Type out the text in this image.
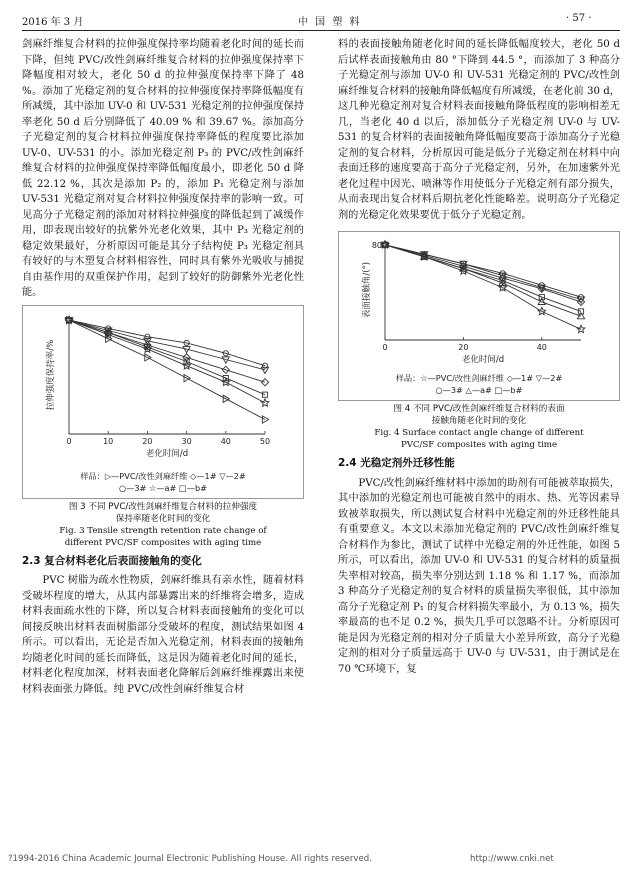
2016 年 3 月	中 国 塑 料	· 57 ·

剑麻纤维复合材料的拉伸强度保持率均随着老化时间的延长而下降，但纯 PVC/改性剑麻纤维复合材料的拉伸强度保持率下降幅度相对较大，老化 50 d 的拉伸强度保持率下降了 48 %。添加了光稳定剂的复合材料的拉伸强度保持率降低幅度有所减缓，其中添加 UV-0 和 UV-531 光稳定剂的拉伸强度保持率老化 50 d 后分别降低了 40.09 % 和 39.67 %。添加高分子光稳定剂的复合材料拉伸强度保持率降低的程度要比添加 UV-0、UV-531 的小。添加光稳定剂 P₃ 的 PVC/改性剑麻纤维复合材料的拉伸强度保持率降低幅度最小，即老化 50 d 降低 22.12 %，其次是添加 P₂ 的，添加 P₁ 光稳定剂与添加 UV-531 光稳定剂对复合材料拉伸强度保持率的影响一致。可见高分子光稳定剂的添加对材料拉伸强度的降低起到了减缓作用，即表现出较好的抗紫外光老化效果，其中 P₃ 光稳定剂的稳定效果最好，分析原因可能是其分子结构使 P₃ 光稳定剂具有较好的与木塑复合材料相容性，同时具有紫外光吸收与捕捉自由基作用的双重保护作用，起到了较好的防御紫外光老化性能。

0	10	20	30	40	50
老化时间/d
拉伸强度保持率/%
样品：▷—PVC/改性剑麻纤维 ◇—1# ▽—2#
○—3# ☆—a# □—b#
图 3 不同 PVC/改性剑麻纤维复合材料的拉伸强度
保持率随老化时间的变化
Fig. 3 Tensile strength retention rate change of
different PVC/SF composites with aging time

2.3 复合材料老化后表面接触角的变化

PVC 树脂为疏水性物质，剑麻纤维具有亲水性，随着材料受破坏程度的增大，从其内部暴露出来的纤维将会增多，造成材料表面疏水性的下降，所以复合材料表面接触角的变化可以间接反映出材料表面树脂部分受破坏的程度，测试结果如图 4 所示。可以看出，无论是否加入光稳定剂，材料表面的接触角均随老化时间的延长而降低，这是因为随着老化时间的延长，材料老化程度加深，材料表面老化降解后剑麻纤维裸露出来使材料表面张力降低。纯 PVC/改性剑麻纤维复合材

料的表面接触角随老化时间的延长降低幅度较大，老化 50 d 后试样表面接触角由 80 °下降到 44.5 °，而添加了 3 种高分子光稳定剂与添加 UV-0 和 UV-531 光稳定剂的 PVC/改性剑麻纤维复合材料的接触角降低幅度有所减缓，在老化前 30 d，这几种光稳定剂对复合材料表面接触角降低程度的影响相差无几，当老化 40 d 以后，添加低分子光稳定剂 UV-0 与 UV-531 的复合材料的表面接触角降低幅度要高于添加高分子光稳定剂的复合材料，分析原因可能是低分子光稳定剂在材料中向表面迁移的速度要高于高分子光稳定剂，另外，在加速紫外光老化过程中因光、喷淋等作用使低分子光稳定剂有部分损失，从而表现出复合材料后期抗老化性能略差。说明高分子光稳定剂的光稳定化效果要优于低分子光稳定剂。

0	20	40
80
老化时间/d
表面接触角/(°)
样品：☆—PVC/改性剑麻纤维 ◇—1# ▽—2#
○—3# △—a# □—b#
图 4 不同 PVC/改性剑麻纤维复合材料的表面
接触角随老化时间的变化
Fig. 4 Surface contact angle change of different
PVC/SF composites with aging time

2.4 光稳定剂外迁移性能

PVC/改性剑麻纤维材料中添加的助剂有可能被萃取损失，其中添加的光稳定剂也可能被自然中的雨水、热、光等因素导致被萃取损失，所以测试复合材料中光稳定剂的外迁移性能具有重要意义。本文以未添加光稳定剂的 PVC/改性剑麻纤维复合材料作为参比，测试了试样中光稳定剂的外迁性能，如图 5 所示，可以看出，添加 UV-0 和 UV-531 的复合材料的质量损失率相对较高，损失率分别达到 1.18 % 和 1.17 %，而添加 3 种高分子光稳定剂的复合材料的质量损失率很低，其中添加高分子光稳定剂 P₁ 的复合材料损失率最小，为 0.13 %，损失率最高的也不足 0.2 %，损失几乎可以忽略不计。分析原因可能是因为光稳定剂的相对分子质量大小差异所致，高分子光稳定剂的相对分子质量远高于 UV-0 与 UV-531，由于测试是在 70 ℃环境下，复

?1994-2016 China Academic Journal Electronic Publishing House. All rights reserved.	http://www.cnki.net
